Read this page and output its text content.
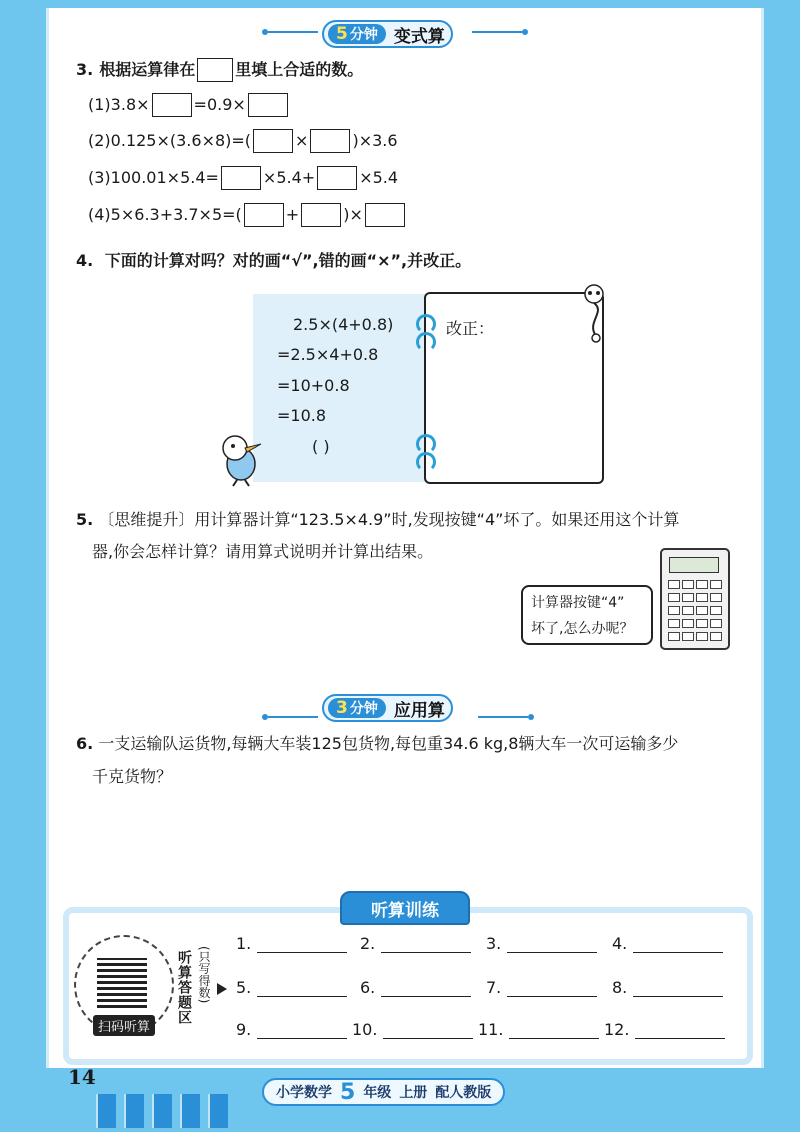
5 分钟 变式算
3. 根据运算律在	里填上合适的数。
(1) 3.8×	=0.9×
(2) 0.125×(3.6×8)=(	×	)×3.6
(3) 100.01×5.4=	×5.4+	×5.4
(4) 5×6.3+3.7×5=(	+	)×
4. 下面的计算对吗？对的画“√”,错的画“×”,并改正。
2.5×(4+0.8)
=2.5×4+0.8
=10+0.8
=10.8
( )
改正：
5. 〔思维提升〕用计算器计算“123.5×4.9”时,发现按键“4”坏了。如果还用这个计算
器,你会怎样计算？请用算式说明并计算出结果。
计算器按键“4”
坏了,怎么办呢？
3 分钟 应用算
6. 一支运输队运货物,每辆大车装125包货物,每包重34.6 kg,8辆大车一次可运输多少
千克货物？
听算训练
扫码听算
听算答题区 (只写得数)
1.	2.	3.	4.
5.	6.	7.	8.
9.	10.	11.	12.
14
小学数学 5 年级 上册 配人教版
